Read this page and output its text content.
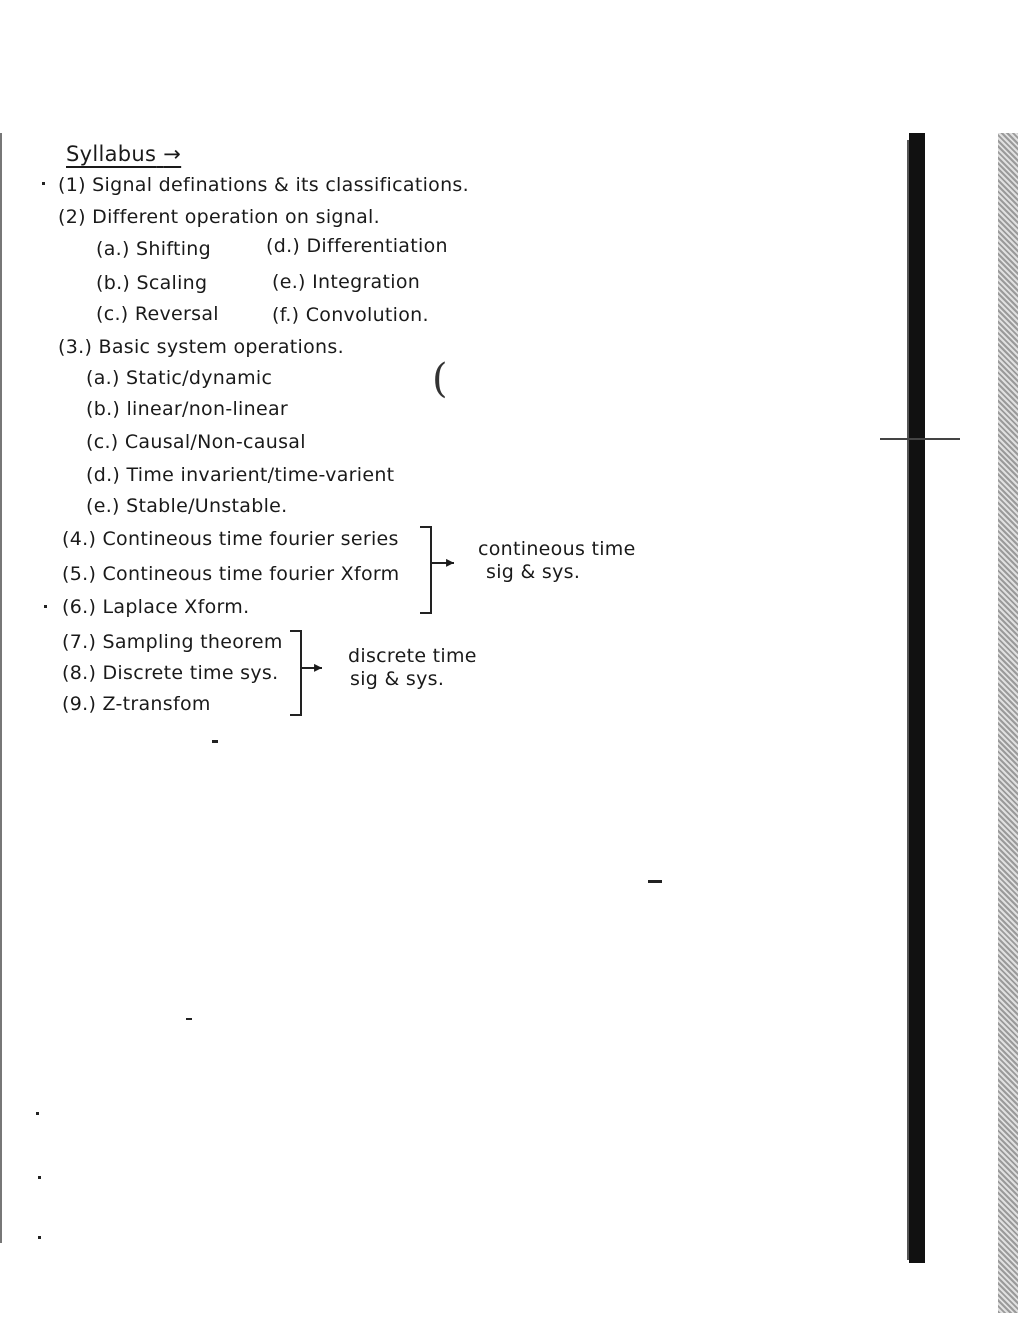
Syllabus →
(1) Signal definations & its classifications.
(2) Different operation on signal.
(a.) Shifting	(d.) Differentiation
(b.) Scaling	(e.) Integration
(c.) Reversal	(f.) Convolution.
(3.) Basic system operations.
(a.) Static/dynamic
(b.) linear/non-linear
(c.) Causal/Non-causal
(d.) Time invarient/time-varient
(e.) Stable/Unstable.
(4.) Contineous time fourier series
(5.) Contineous time fourier Xform
(6.) Laplace Xform.
▸
contineous time
sig & sys.
(7.) Sampling theorem
(8.) Discrete time sys.
(9.) Z-transfom
▸ discrete time
sig & sys.
(
